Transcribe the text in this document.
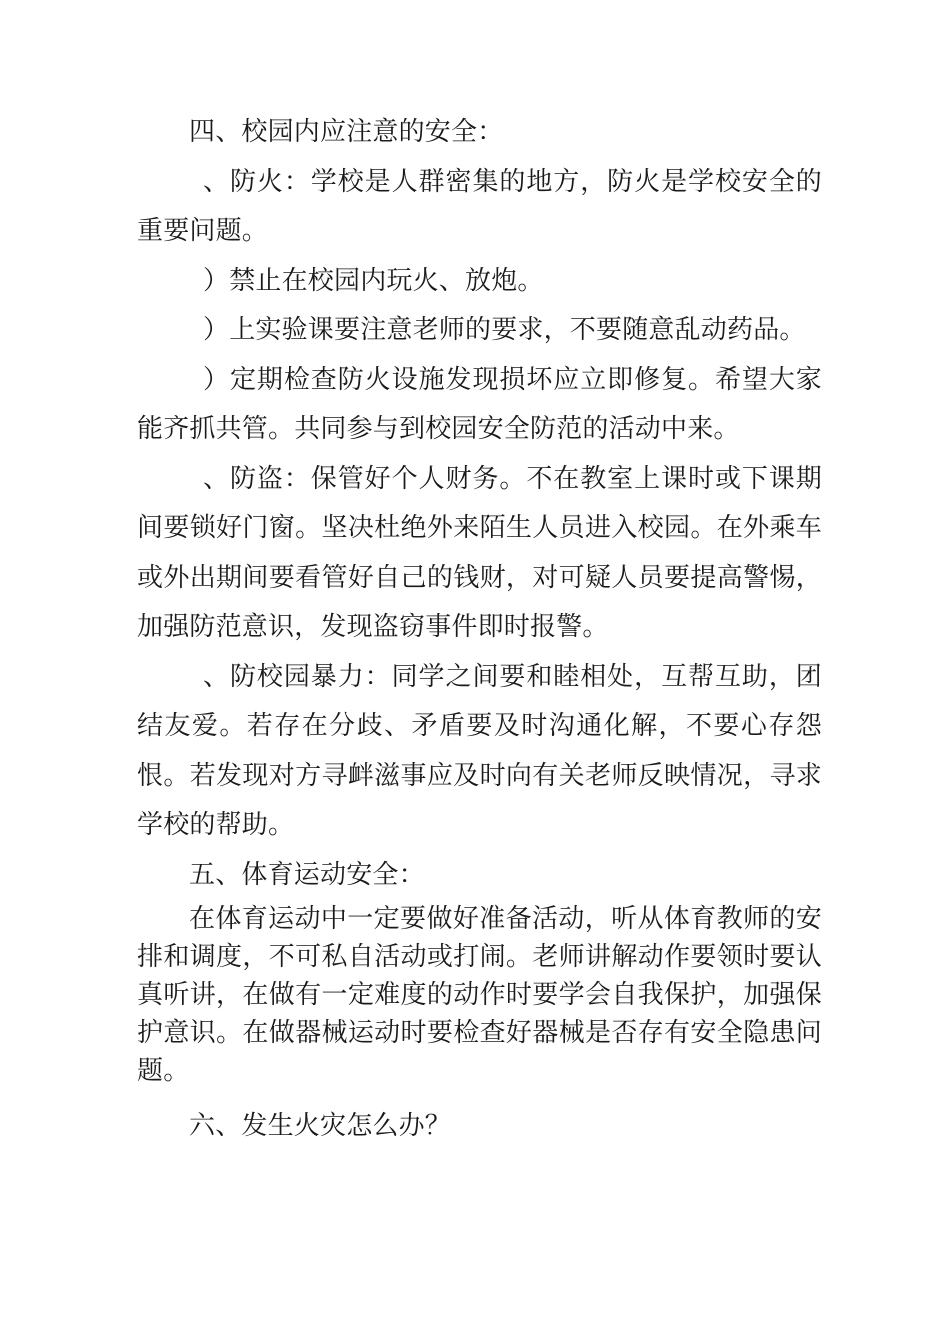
四、校园内应注意的安全：

、防火：学校是人群密集的地方，防火是学校安全的重要问题。

）禁止在校园内玩火、放炮。

）上实验课要注意老师的要求，不要随意乱动药品。

）定期检查防火设施发现损坏应立即修复。希望大家能齐抓共管。共同参与到校园安全防范的活动中来。

、防盗：保管好个人财务。不在教室上课时或下课期间要锁好门窗。坚决杜绝外来陌生人员进入校园。在外乘车或外出期间要看管好自己的钱财，对可疑人员要提高警惕，加强防范意识，发现盗窃事件即时报警。

、防校园暴力：同学之间要和睦相处，互帮互助，团结友爱。若存在分歧、矛盾要及时沟通化解，不要心存怨恨。若发现对方寻衅滋事应及时向有关老师反映情况，寻求学校的帮助。

五、体育运动安全：

在体育运动中一定要做好准备活动，听从体育教师的安排和调度，不可私自活动或打闹。老师讲解动作要领时要认真听讲，在做有一定难度的动作时要学会自我保护，加强保护意识。在做器械运动时要检查好器械是否存有安全隐患问题。

六、发生火灾怎么办？
